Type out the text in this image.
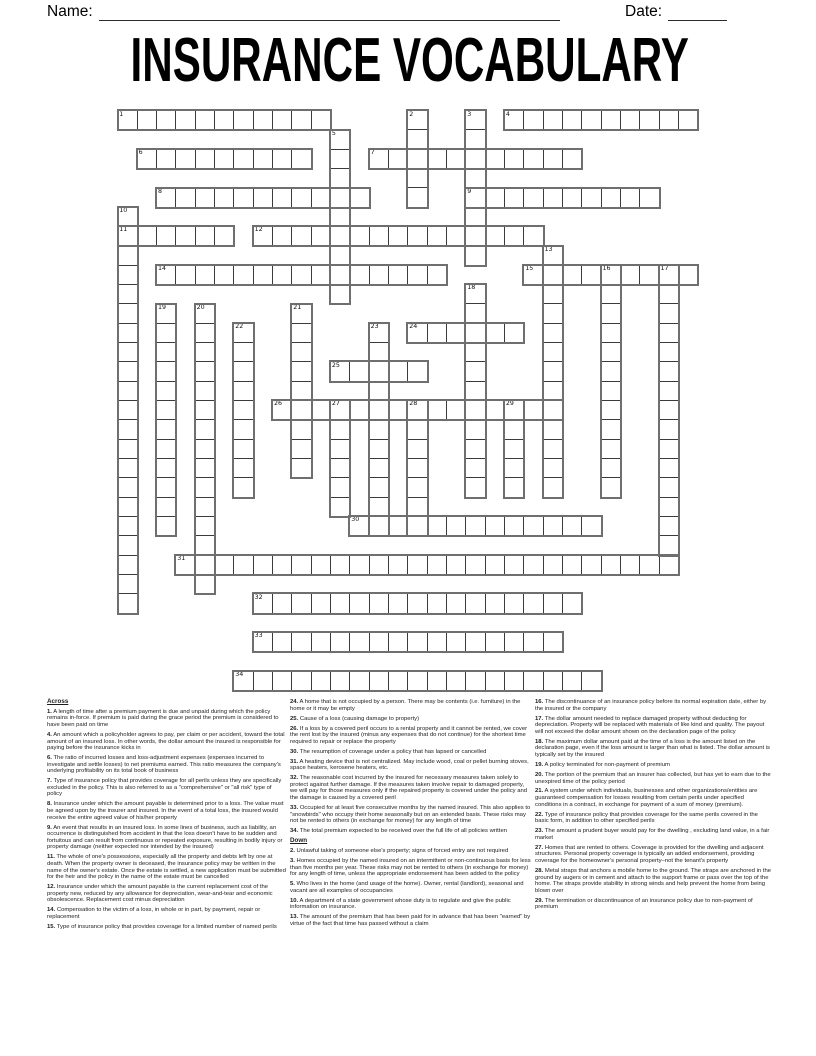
Name:	Date:
INSURANCE VOCABULARY
1	2	3
9
4
5
6	7
8
10
11	12
13
14	15	16	17
18
19	20	21
22	23	24
25
26	27	28	29
30
31
32
33
34
Across

1. A length of time after a premium payment is due and unpaid during which the policy remains in-force. If premium is paid during the grace period the premium is considered to have been paid on time

4. An amount which a policyholder agrees to pay, per claim or per accident, toward the total amount of an insured loss. In other words, the dollar amount the insured is responsible for paying before the insurance kicks in

6. The ratio of incurred losses and loss-adjustment expenses (expenses incurred to investigate and settle losses) to net premiums earned. This ratio measures the company's underlying profitability on its total book of business

7. Type of insurance policy that provides coverage for all perils unless they are specifically excluded in the policy. This is also referred to as a "comprehensive" or "all risk" type of policy

8. Insurance under which the amount payable is determined prior to a loss. The value must be agreed upon by the insurer and insured. In the event of a total loss, the insured would receive the entire agreed value of his/her property

9. An event that results in an insured loss. In some lines of business, such as liability, an occurrence is distinguished from accident in that the loss doesn't have to be sudden and fortuitous and can result from continuous or repeated exposure, resulting in bodily injury or property damage (neither expected nor intended by the insured)

11. The whole of one's possessions, especially all the property and debts left by one at death. When the property owner is deceased, the insurance policy may be written in the name of the owner's estate. Once the estate is settled, a new application must be submitted for the heir and the policy in the name of the estate must be cancelled

12. Insurance under which the amount payable is the current replacement cost of the property new, reduced by any allowance for depreciation, wear-and-tear and economic obsolescence. Replacement cost minus depreciation

14. Compensation to the victim of a loss, in whole or in part, by payment, repair or replacement

15. Type of insurance policy that provides coverage for a limited number of named perils

24. A home that is not occupied by a person. There may be contents (i.e. furniture) in the home or it may be empty

25. Cause of a loss (causing damage to property)

26. If a loss by a covered peril occurs to a rental property and it cannot be rented, we cover the rent lost by the insured (minus any expenses that do not continue) for the shortest time required to repair or replace the property

30. The resumption of coverage under a policy that has lapsed or cancelled

31. A heating device that is not centralized. May include wood, coal or pellet burning stoves, space heaters, kerosene heaters, etc.

32. The reasonable cost incurred by the insured for necessary measures taken solely to protect against further damage. If the measures taken involve repair to damaged property, we will pay for those measures only if the repaired property is covered under the policy and the damage is caused by a covered peril

33. Occupied for at least five consecutive months by the named insured. This also applies to "snowbirds" who occupy their home seasonally but on an extended basis. These risks may not be rented to others (in exchange for money) for any length of time

34. The total premium expected to be received over the full life of all policies written

Down

2. Unlawful taking of someone else's property; signs of forced entry are not required

3. Homes occupied by the named insured on an intermittent or non-continuous basis for less than five months per year. These risks may not be rented to others (in exchange for money) for any length of time, unless the appropriate endorsement has been added to the policy

5. Who lives in the home (and usage of the home). Owner, rental (landlord), seasonal and vacant are all examples of occupancies

10. A department of a state government whose duty is to regulate and give the public information on insurance.

13. The amount of the premium that has been paid for in advance that has been "earned" by virtue of the fact that time has passed without a claim

16. The discontinuance of an insurance policy before its normal expiration date, either by the insured or the company

17. The dollar amount needed to replace damaged property without deducting for depreciation. Property will be replaced with materials of like kind and quality. The payout will not exceed the dollar amount shown on the declaration page of the policy

18. The maximum dollar amount paid at the time of a loss is the amount listed on the declaration page, even if the loss amount is larger than what is listed. The dollar amount is typically set by the insured

19. A policy terminated for non-payment of premium

20. The portion of the premium that an insurer has collected, but has yet to earn due to the unexpired time of the policy period

21. A system under which individuals, businesses and other organizations/entities are guaranteed compensation for losses resulting from certain perils under specified conditions in a contract, in exchange for payment of a sum of money (premium).

22. Type of insurance policy that provides coverage for the same perils covered in the basic form, in addition to other specified perils

23. The amount a prudent buyer would pay for the dwelling , excluding land value, in a fair market

27. Homes that are rented to others. Coverage is provided for the dwelling and adjacent structures. Personal property coverage is typically an added endorsement, providing coverage for the homeowner's personal property–not the tenant's property

28. Metal straps that anchors a mobile home to the ground. The straps are anchored in the ground by augers or in cement and attach to the support frame or pass over the top of the home. The straps provide stability in strong winds and help prevent the home from being blown over

29. The termination or discontinuance of an insurance policy due to non-payment of premium
